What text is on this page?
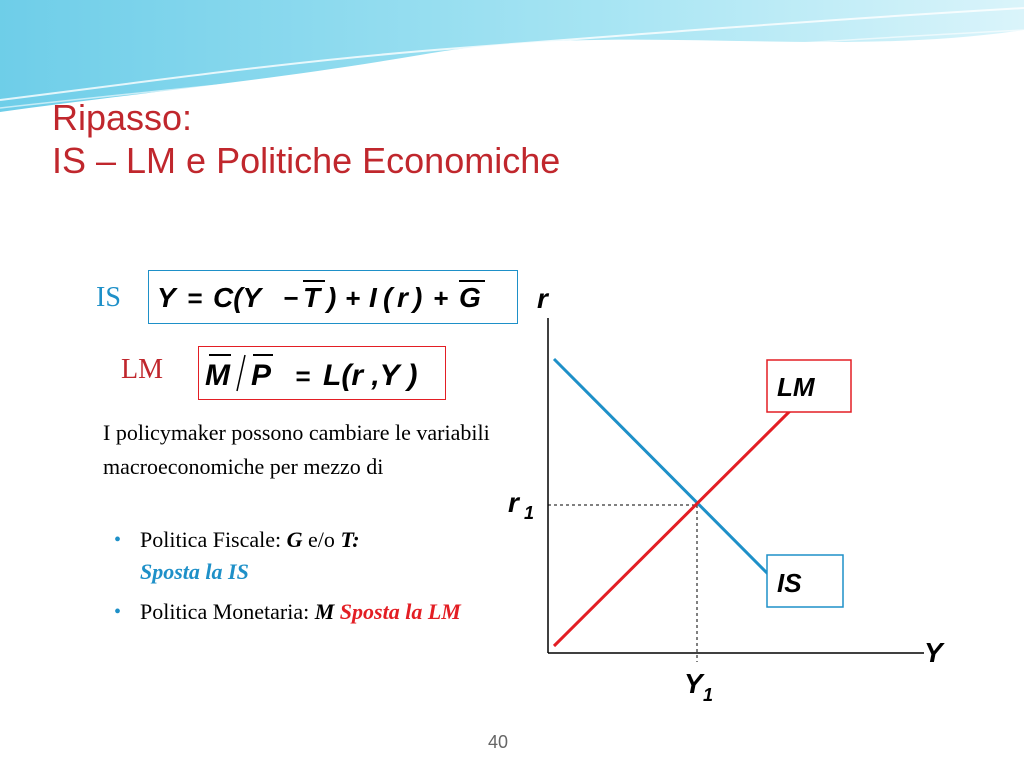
Ripasso:
IS – LM e Politiche Economiche
IS Y = C(Y − T ) + I ( r ) + G
LM M P = L(r ,Y )
I policymaker possono cambiare le variabili macroeconomiche per mezzo di
• Politica Fiscale: G e/o T:
Sposta la IS
• Politica Monetaria: M Sposta la LM
r
Y
r 1
Y 1
LM
IS
40
